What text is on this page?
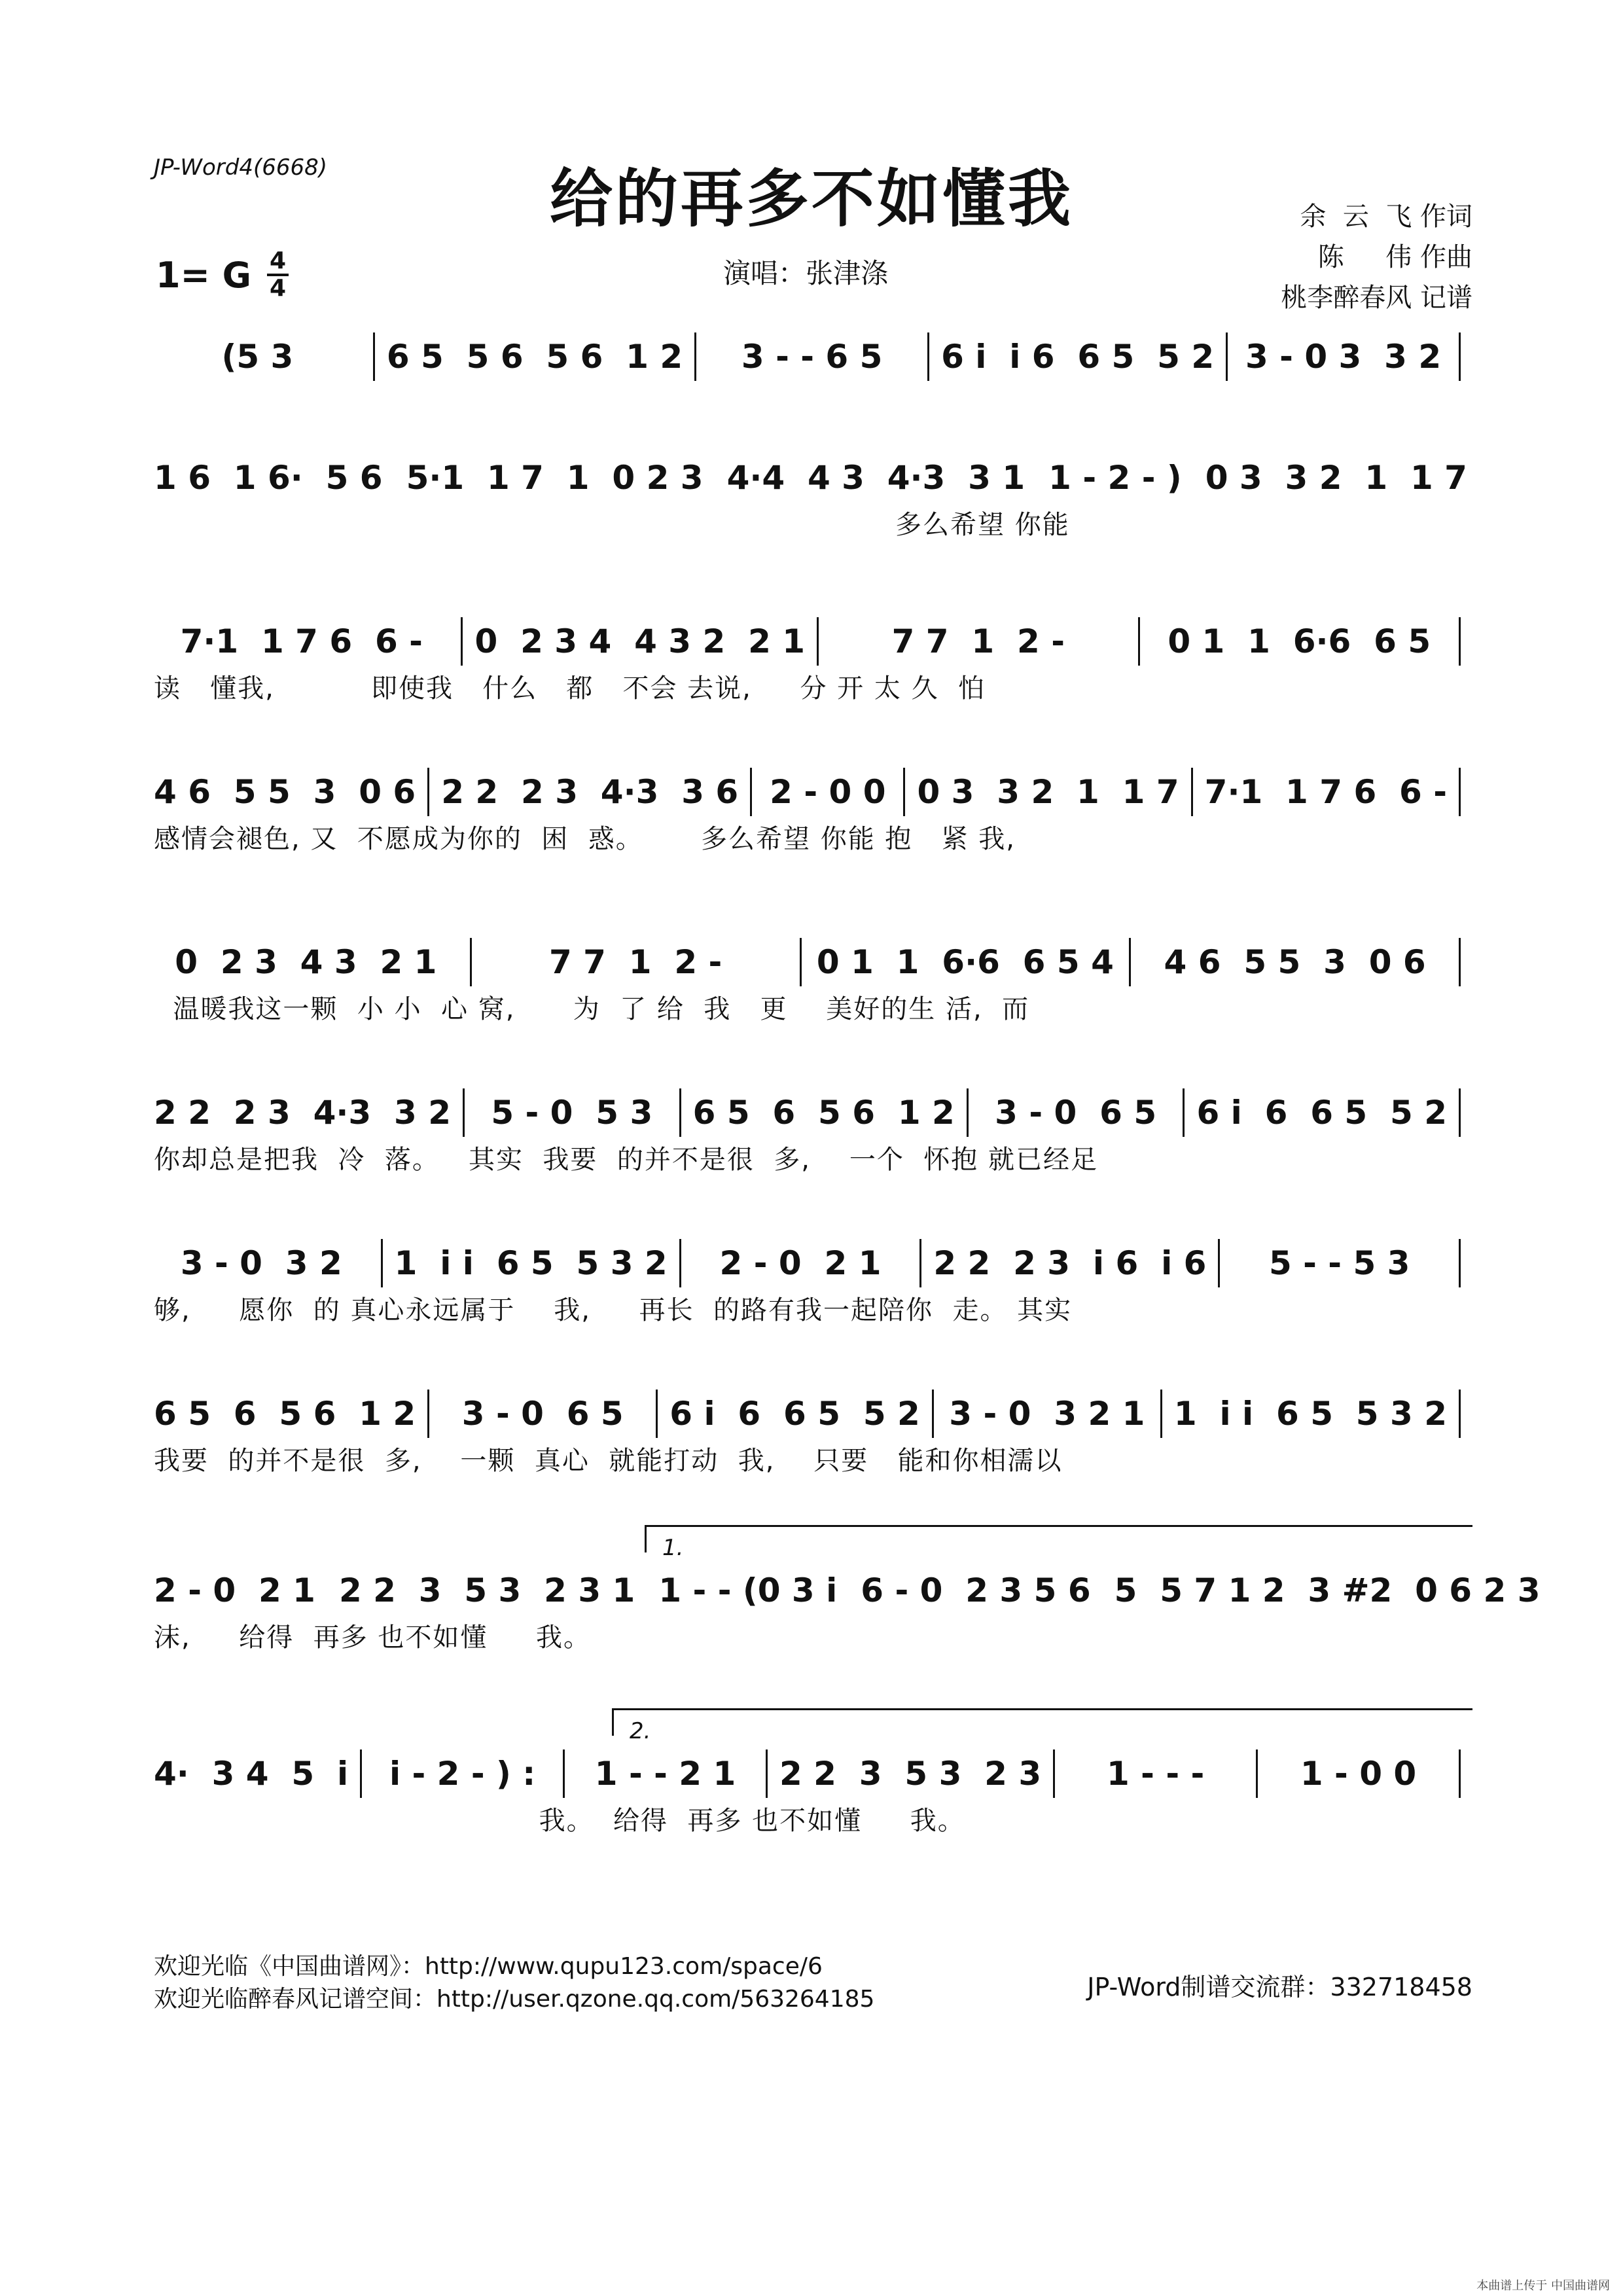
JP-Word4(6668)	给的再多不如懂我	余  云  飞 作词
陈     伟 作曲
桃李醉春风 记谱
1= G $\frac{4}{4}$	演唱：张津涤
(5 3	6 5  5 6  5 6  1 2	3 - - 6 5	6 i  i 6  6 5  5 2 3 - 0 3  3 2
1 6  1 6·  5 6 5·1  1 7  1  0 2 3 4·4  4 3  4·3  3 1 1 - 2 - ) 0 3  3 2  1  1 7
多么希望 你能
7·1  1 7 6  6 -	0  2 3 4  4 3 2  2 1	7 7  1  2 -	0 1  1  6·6  6 5
读   懂我,          即使我   什么   都   不会 去说,     分 开 太 久  怕
4 6  5 5  3  0 6 2 2  2 3  4·3  3 6 2 - 0 0 0 3  3 2  1  1 7 7·1  1 7 6  6 -
感情会褪色, 又  不愿成为你的  困  惑。      多么希望 你能 抱   紧 我,
0  2 3  4 3  2 1	7 7  1  2 -	0 1  1  6·6  6 5 4	4 6  5 5  3  0 6
温暖我这一颗  小 小  心 窝,      为  了 给  我   更    美好的生 活,  而
2 2  2 3  4·3  3 2	5 - 0  5 3	6 5  6  5 6  1 2	3 - 0  6 5	6 i  6  6 5  5 2
你却总是把我  冷  落。   其实  我要  的并不是很  多,    一个  怀抱 就已经足
3 - 0  3 2	1  i i  6 5  5 3 2	2 - 0  2 1	2 2  2 3  i 6  i 6	5 - - 5 3
够,     愿你  的 真心永远属于    我,     再长  的路有我一起陪你  走。 其实
6 5  6  5 6  1 2	3 - 0  6 5	6 i  6  6 5  5 2 3 - 0  3 2 1 1  i i  6 5  5 3 2
我要  的并不是很  多,    一颗  真心  就能打动  我,    只要   能和你相濡以
2 - 0  2 1 2 2  3  5 3  2 3 1 1 - - (0 3 i 6 - 0  2 3 5 6 5  5 7 1 2  3 #2  0 6 2 3
沫,     给得  再多 也不如懂     我。
4·  3 4  5  i	i - 2 - ) :	1 - - 2 1	2 2  3  5 3  2 3	1 - - -	1 - 0 0
我。  给得  再多 也不如懂     我。
1.
2.
欢迎光临《中国曲谱网》：http://www.qupu123.com/space/6
欢迎光临醉春风记谱空间：http://user.qzone.qq.com/563264185	JP-Word制谱交流群：332718458
本曲谱上传于 中国曲谱网
